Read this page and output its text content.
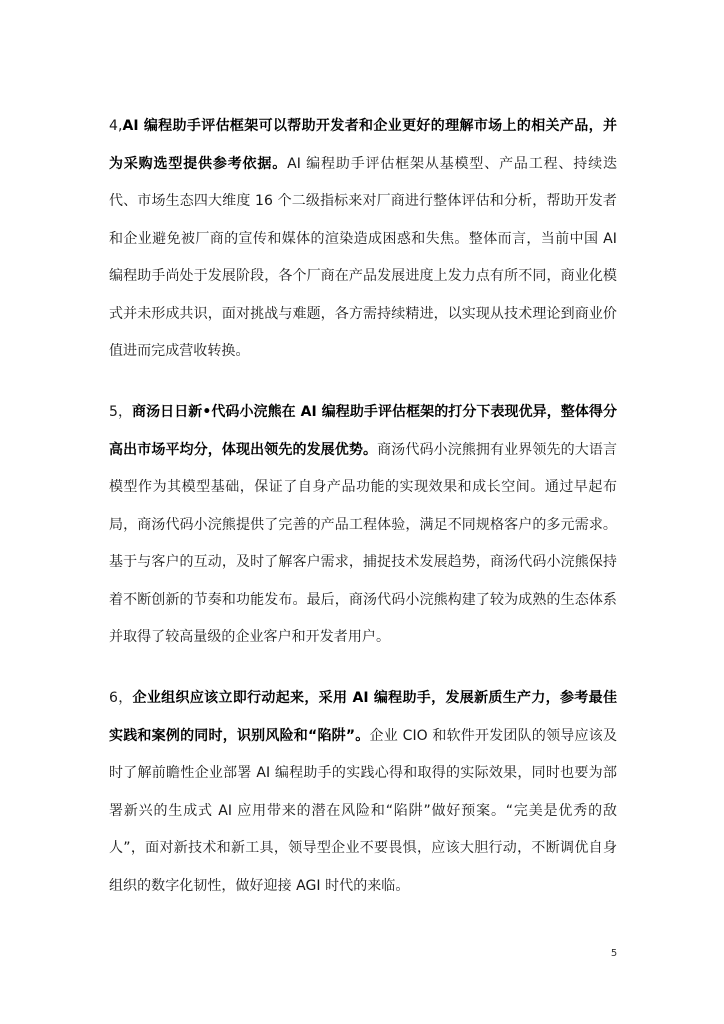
4,AI 编程助手评估框架可以帮助开发者和企业更好的理解市场上的相关产品，并为采购选型提供参考依据。AI 编程助手评估框架从基模型、产品工程、持续迭代、市场生态四大维度 16 个二级指标来对厂商进行整体评估和分析，帮助开发者和企业避免被厂商的宣传和媒体的渲染造成困惑和失焦。整体而言，当前中国 AI 编程助手尚处于发展阶段，各个厂商在产品发展进度上发力点有所不同，商业化模式并未形成共识，面对挑战与难题，各方需持续精进，以实现从技术理论到商业价值进而完成营收转换。

5，商汤日日新•代码小浣熊在 AI 编程助手评估框架的打分下表现优异，整体得分高出市场平均分，体现出领先的发展优势。商汤代码小浣熊拥有业界领先的大语言模型作为其模型基础，保证了自身产品功能的实现效果和成长空间。通过早起布局，商汤代码小浣熊提供了完善的产品工程体验，满足不同规格客户的多元需求。基于与客户的互动，及时了解客户需求，捕捉技术发展趋势，商汤代码小浣熊保持着不断创新的节奏和功能发布。最后，商汤代码小浣熊构建了较为成熟的生态体系并取得了较高量级的企业客户和开发者用户。

6，企业组织应该立即行动起来，采用 AI 编程助手，发展新质生产力，参考最佳实践和案例的同时，识别风险和“陷阱”。企业 CIO 和软件开发团队的领导应该及时了解前瞻性企业部署 AI 编程助手的实践心得和取得的实际效果，同时也要为部署新兴的生成式 AI 应用带来的潜在风险和“陷阱”做好预案。“完美是优秀的敌人”，面对新技术和新工具，领导型企业不要畏惧，应该大胆行动，不断调优自身组织的数字化韧性，做好迎接 AGI 时代的来临。

5
